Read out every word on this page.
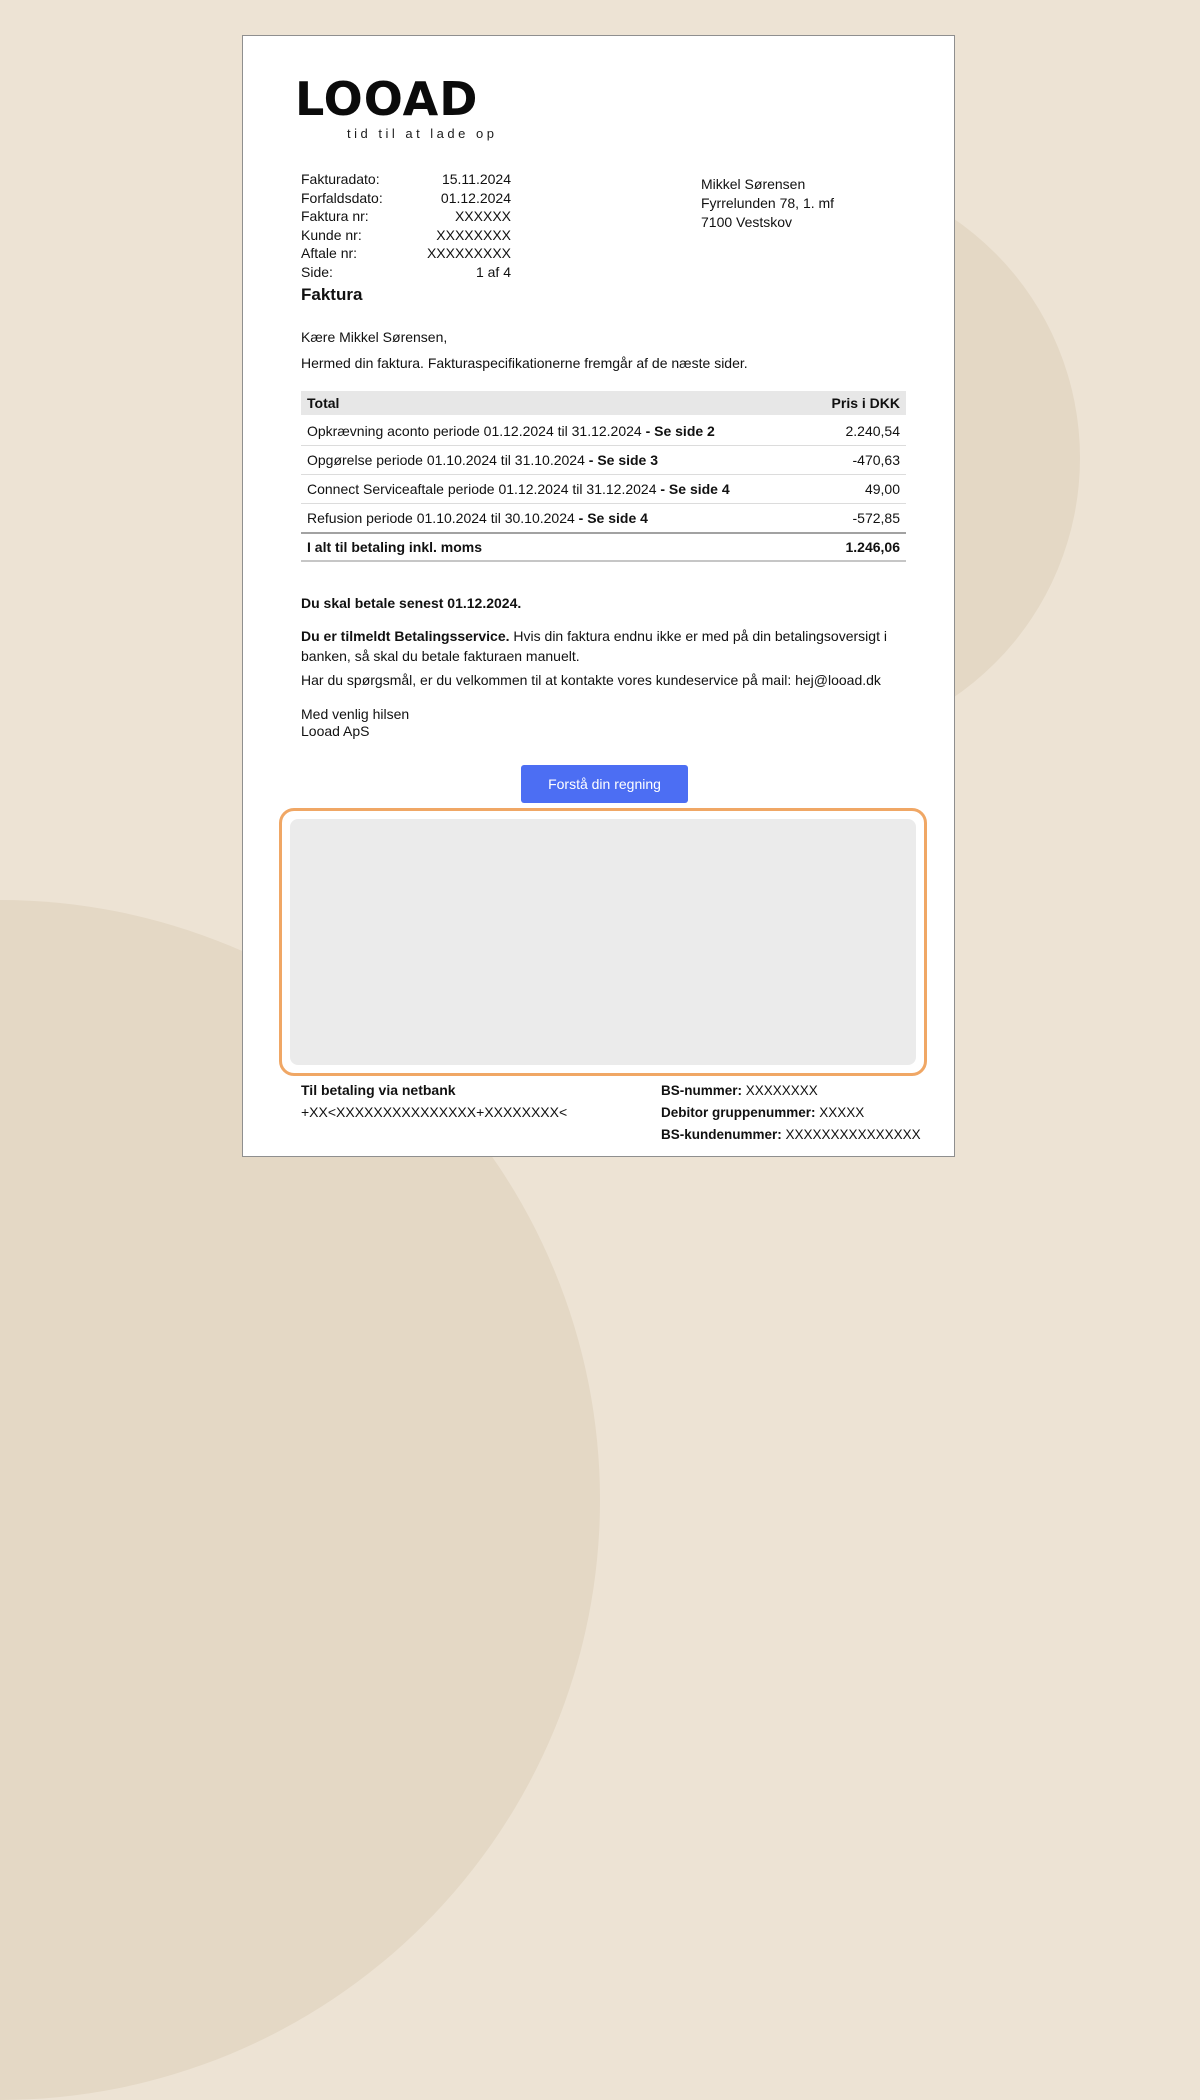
LOOAD
tid til at lade op
Fakturadato:	15.11.2024
Forfaldsdato:	01.12.2024
Faktura nr:	XXXXXX
Kunde nr:	XXXXXXXX
Aftale nr:	XXXXXXXXX
Side:	1 af 4
Mikkel Sørensen
Fyrrelunden 78, 1. mf
7100 Vestskov
Faktura
Kære Mikkel Sørensen,
Hermed din faktura. Fakturaspecifikationerne fremgår af de næste sider.
Total	Pris i DKK
Opkrævning aconto periode 01.12.2024 til 31.12.2024 - Se side 2	2.240,54
Opgørelse periode 01.10.2024 til 31.10.2024 - Se side 3	-470,63
Connect Serviceaftale periode 01.12.2024 til 31.12.2024 - Se side 4	49,00
Refusion periode 01.10.2024 til 30.10.2024 - Se side 4	-572,85
I alt til betaling inkl. moms	1.246,06
Du skal betale senest 01.12.2024.
Du er tilmeldt Betalingsservice. Hvis din faktura endnu ikke er med på din betalingsoversigt i banken, så skal du betale fakturaen manuelt.
Har du spørgsmål, er du velkommen til at kontakte vores kundeservice på mail: hej@looad.dk
Med venlig hilsen
Looad ApS
Forstå din regning
Til betaling via netbank
+XX<XXXXXXXXXXXXXXX+XXXXXXXX<
BS-nummer: XXXXXXXX
Debitor gruppenummer: XXXXX
BS-kundenummer: XXXXXXXXXXXXXXX
